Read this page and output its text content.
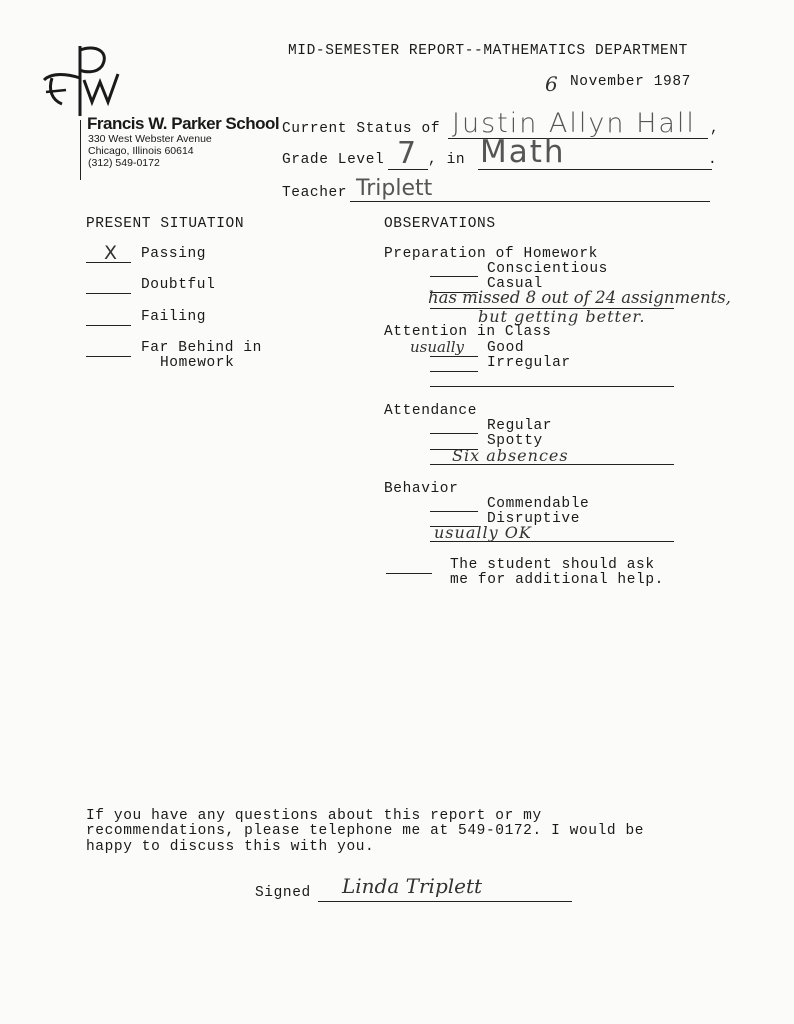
Francis W. Parker School
330 West Webster Avenue
Chicago, Illinois 60614
(312) 549-0172
MID-SEMESTER REPORT--MATHEMATICS DEPARTMENT
6 November 1987
Current Status of Justin Allyn Hall ,
Grade Level 7 , in Math	.
Teacher Triplett
PRESENT SITUATION
X Passing
Doubtful
Failing
Far Behind in
Homework
OBSERVATIONS
Preparation of Homework
Conscientious
Casual
has missed 8 out of 24 assignments,
but getting better.
Attention in Class
usually Good
Irregular
Attendance
Regular
Spotty
Six absences
Behavior
Commendable
Disruptive
usually OK
The student should ask
me for additional help.
If you have any questions about this report or my
recommendations, please telephone me at 549-0172. I would be
happy to discuss this with you.
Signed Linda Triplett
